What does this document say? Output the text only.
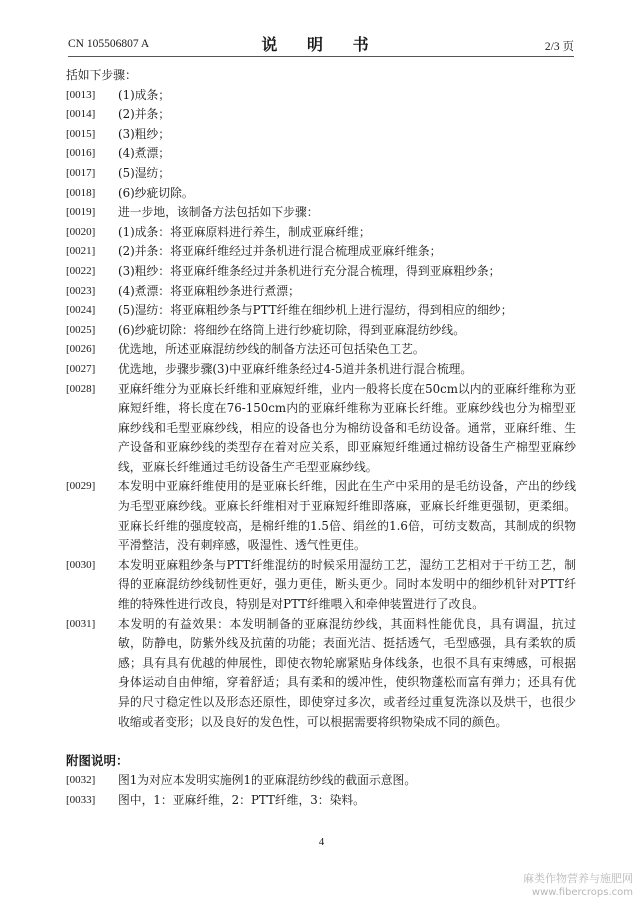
CN 105506807 A	说 明 书	2/3 页
括如下步骤：
[0013]	(1)成条；
[0014]	(2)并条；
[0015]	(3)粗纱；
[0016]	(4)煮漂；
[0017]	(5)湿纺；
[0018]	(6)纱疵切除。
[0019]	进一步地，该制备方法包括如下步骤：
[0020]	(1)成条：将亚麻原料进行养生，制成亚麻纤维；
[0021]	(2)并条：将亚麻纤维经过并条机进行混合梳理成亚麻纤维条；
[0022]	(3)粗纱：将亚麻纤维条经过并条机进行充分混合梳理，得到亚麻粗纱条；
[0023]	(4)煮漂：将亚麻粗纱条进行煮漂；
[0024]	(5)湿纺：将亚麻粗纱条与PTT纤维在细纱机上进行湿纺，得到相应的细纱；
[0025]	(6)纱疵切除：将细纱在络筒上进行纱疵切除，得到亚麻混纺纱线。
[0026]	优选地，所述亚麻混纺纱线的制备方法还可包括染色工艺。
[0027]	优选地，步骤步骤(3)中亚麻纤维条经过4-5道并条机进行混合梳理。
[0028]	亚麻纤维分为亚麻长纤维和亚麻短纤维，业内一般将长度在50cm以内的亚麻纤维称为亚麻短纤维，将长度在76-150cm内的亚麻纤维称为亚麻长纤维。亚麻纱线也分为棉型亚麻纱线和毛型亚麻纱线，相应的设备也分为棉纺设备和毛纺设备。通常，亚麻纤维、生产设备和亚麻纱线的类型存在着对应关系，即亚麻短纤维通过棉纺设备生产棉型亚麻纱线，亚麻长纤维通过毛纺设备生产毛型亚麻纱线。
[0029]	本发明中亚麻纤维使用的是亚麻长纤维，因此在生产中采用的是毛纺设备，产出的纱线为毛型亚麻纱线。亚麻长纤维相对于亚麻短纤维即落麻，亚麻长纤维更强韧，更柔细。亚麻长纤维的强度较高，是棉纤维的1.5倍、绢丝的1.6倍，可纺支数高，其制成的织物平滑整洁，没有刺痒感，吸湿性、透气性更佳。
[0030]	本发明亚麻粗纱条与PTT纤维混纺的时候采用湿纺工艺，湿纺工艺相对于干纺工艺，制得的亚麻混纺纱线韧性更好，强力更佳，断头更少。同时本发明中的细纱机针对PTT纤维的特殊性进行改良，特别是对PTT纤维喂入和牵伸装置进行了改良。
[0031]	本发明的有益效果：本发明制备的亚麻混纺纱线，其面料性能优良，具有调温，抗过敏，防静电，防紫外线及抗菌的功能；表面光洁、挺括透气，毛型感强，具有柔软的质感；具有具有优越的伸展性，即使衣物轮廓紧贴身体线条，也很不具有束缚感，可根据身体运动自由伸缩，穿着舒适；具有柔和的缓冲性，使织物蓬松而富有弹力；还具有优异的尺寸稳定性以及形态还原性，即使穿过多次，或者经过重复洗涤以及烘干，也很少收缩或者变形；以及良好的发色性，可以根据需要将织物染成不同的颜色。
附图说明：
[0032]	图1为对应本发明实施例1的亚麻混纺纱线的截面示意图。
[0033]	图中，1：亚麻纤维，2：PTT纤维，3：染料。
4
麻类作物营养与施肥网
www.fibercrops.com
